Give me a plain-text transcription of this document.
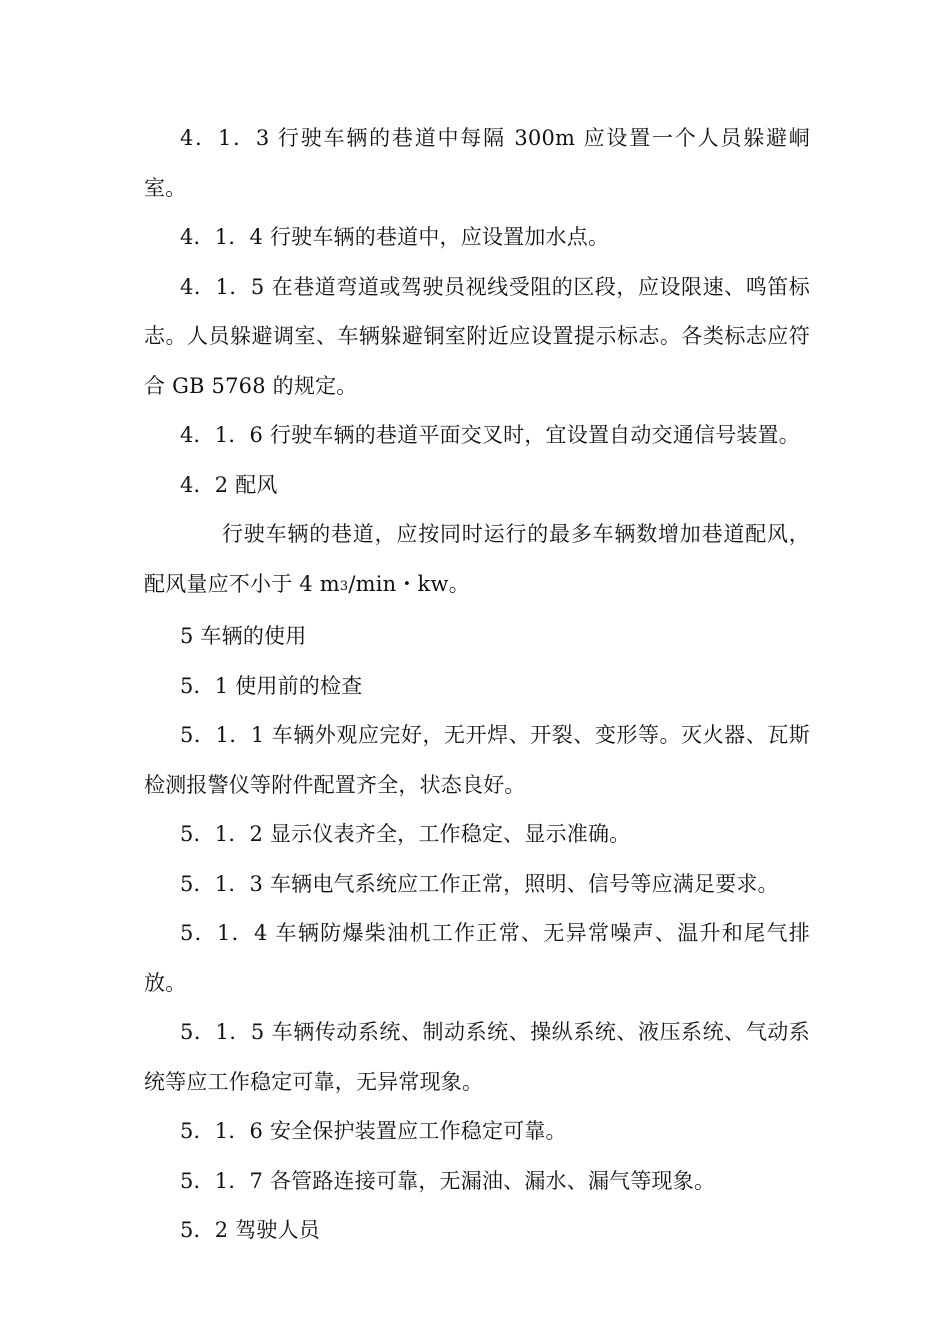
4．1．3 行驶车辆的巷道中每隔 300m 应设置一个人员躲避峒室。

4．1．4 行驶车辆的巷道中，应设置加水点。

4．1．5 在巷道弯道或驾驶员视线受阻的区段，应设限速、鸣笛标志。人员躲避调室、车辆躲避铜室附近应设置提示标志。各类标志应符合 GB 5768 的规定。

4．1．6 行驶车辆的巷道平面交叉时，宜设置自动交通信号装置。

4．2 配风

行驶车辆的巷道，应按同时运行的最多车辆数增加巷道配风，配风量应不小于 4 m3/min・kw。

5 车辆的使用

5．1 使用前的检查

5．1．1 车辆外观应完好，无开焊、开裂、变形等。灭火器、瓦斯检测报警仪等附件配置齐全，状态良好。

5．1．2 显示仪表齐全，工作稳定、显示准确。

5．1．3 车辆电气系统应工作正常，照明、信号等应满足要求。

5．1．4 车辆防爆柴油机工作正常、无异常噪声、温升和尾气排放。

5．1．5 车辆传动系统、制动系统、操纵系统、液压系统、气动系统等应工作稳定可靠，无异常现象。

5．1．6 安全保护装置应工作稳定可靠。

5．1．7 各管路连接可靠，无漏油、漏水、漏气等现象。

5．2 驾驶人员
